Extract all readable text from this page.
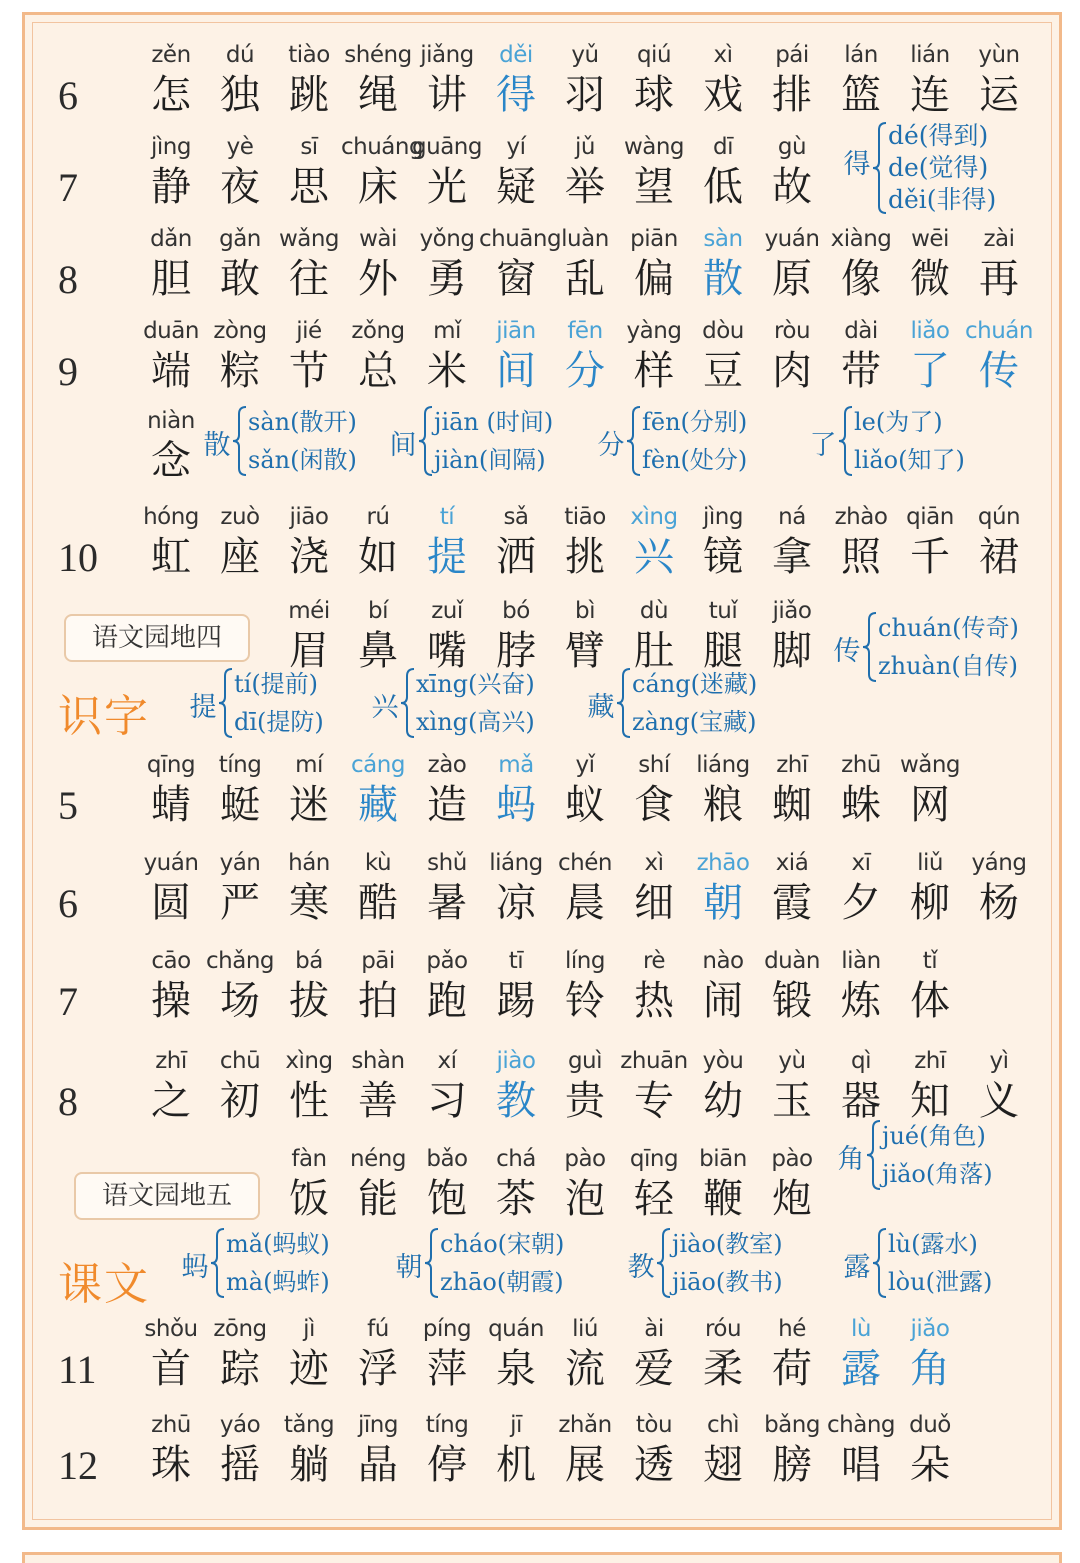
6
zěn
怎
dú
独
tiào
跳
shéng
绳
jiǎng
讲
děi
得
yǔ
羽
qiú
球
xì
戏
pái
排
lán
篮
lián
连
yùn
运
7
jìng
静
yè
夜
sī
思
chuáng
床
guāng
光
yí
疑
jǔ
举
wàng
望
dī
低
gù
故
8
dǎn
胆
gǎn
敢
wǎng
往
wài
外
yǒng
勇
chuāng
窗
luàn
乱
piān
偏
sàn
散
yuán
原
xiàng
像
wēi
微
zài
再
9
duān
端
zòng
粽
jié
节
zǒng
总
mǐ
米
jiān
间
fēn
分
yàng
样
dòu
豆
ròu
肉
dài
带
liǎo
了
chuán
传
niàn
念
10
hóng
虹
zuò
座
jiāo
浇
rú
如
tí
提
sǎ
洒
tiāo
挑
xìng
兴
jìng
镜
ná
拿
zhào
照
qiān
千
qún
裙
méi
眉
bí
鼻
zuǐ
嘴
bó
脖
bì
臂
dù
肚
tuǐ
腿
jiǎo
脚
5
qīng
蜻
tíng
蜓
mí
迷
cáng
藏
zào
造
mǎ
蚂
yǐ
蚁
shí
食
liáng
粮
zhī
蜘
zhū
蛛
wǎng
网
6
yuán
圆
yán
严
hán
寒
kù
酷
shǔ
暑
liáng
凉
chén
晨
xì
细
zhāo
朝
xiá
霞
xī
夕
liǔ
柳
yáng
杨
7
cāo
操
chǎng
场
bá
拔
pāi
拍
pǎo
跑
tī
踢
líng
铃
rè
热
nào
闹
duàn
锻
liàn
炼
tǐ
体
8
zhī
之
chū
初
xìng
性
shàn
善
xí
习
jiào
教
guì
贵
zhuān
专
yòu
幼
yù
玉
qì
器
zhī
知
yì
义
fàn
饭
néng
能
bǎo
饱
chá
茶
pào
泡
qīng
轻
biān
鞭
pào
炮
11
shǒu
首
zōng
踪
jì
迹
fú
浮
píng
萍
quán
泉
liú
流
ài
爱
róu
柔
hé
荷
lù
露
jiǎo
角
12
zhū
珠
yáo
摇
tǎng
躺
jīng
晶
tíng
停
jī
机
zhǎn
展
tòu
透
chì
翅
bǎng
膀
chàng
唱
duǒ
朵
得
dé(得到)
de(觉得)
děi(非得)
散
sàn(散开)
sǎn(闲散) 间
jiān (时间)
jiàn(间隔) 分
fēn(分别)
fèn(处分) 了
le(为了)
liǎo(知了)
传
chuán(传奇)
zhuàn(自传)
提
tí(提前)
dī(提防) 兴
xīng(兴奋)
xìng(高兴) 藏
cáng(迷藏)
zàng(宝藏)
角
jué(角色)
jiǎo(角落)
蚂
mǎ(蚂蚁)
mà(蚂蚱) 朝
cháo(宋朝)
zhāo(朝霞) 教
jiào(教室)
jiāo(教书) 露
lù(露水)
lòu(泄露)
语文园地四
识字
语文园地五
课文
